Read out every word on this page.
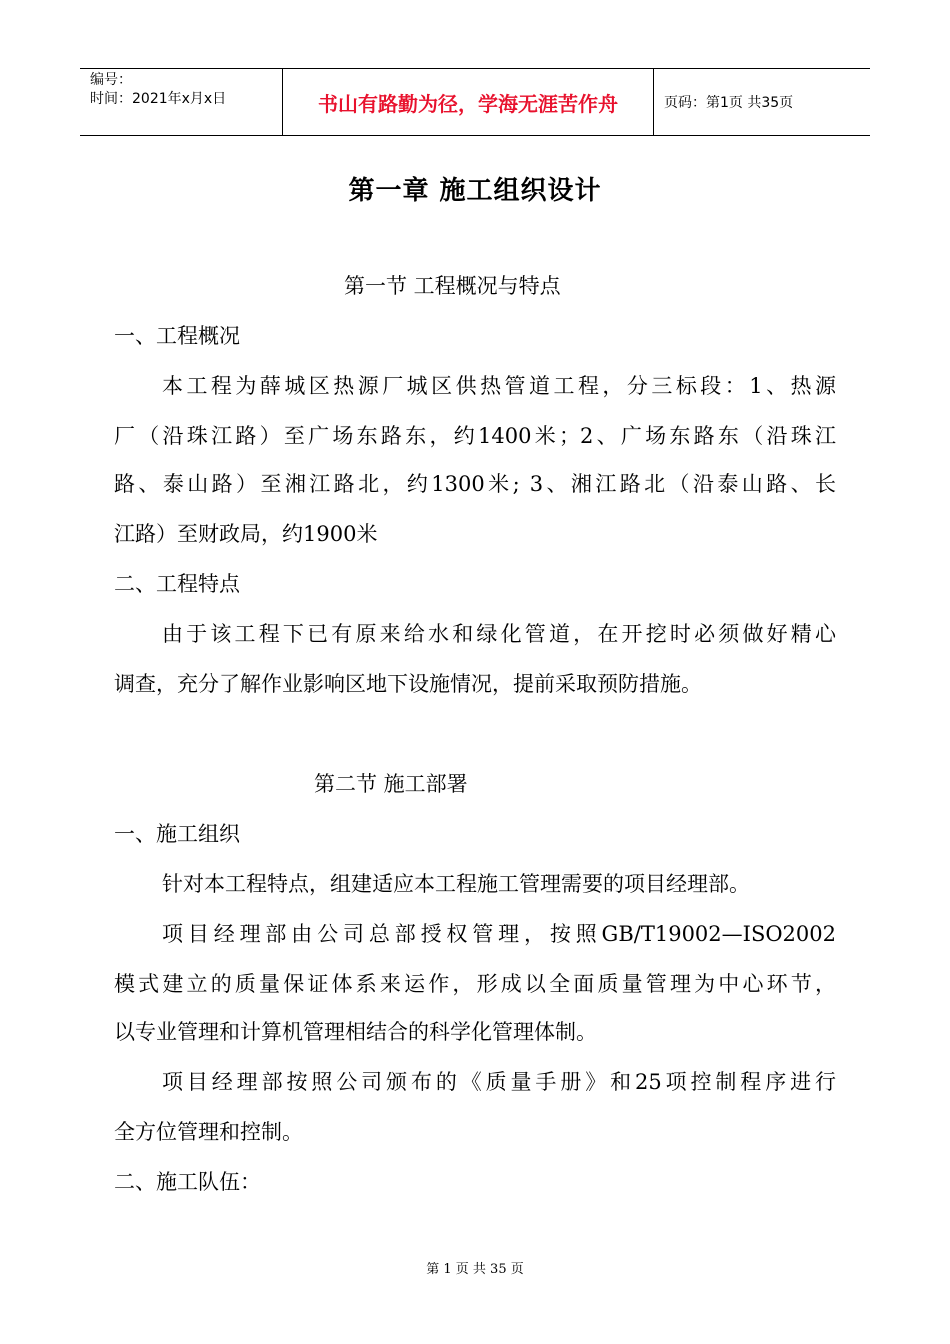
编号：
时间：2021年x月x日	书山有路勤为径，学海无涯苦作舟	页码：第1页 共35页
第一章 施工组织设计
第一节 工程概况与特点
一、工程概况
本工程为薛城区热源厂城区供热管道工程，分三标段：1、热源
厂（沿珠江路）至广场东路东，约1400米；2、广场东路东（沿珠江
路、泰山路）至湘江路北，约1300米; 3、湘江路北（沿泰山路、长
江路）至财政局，约1900米
二、工程特点
由于该工程下已有原来给水和绿化管道，在开挖时必须做好精心
调查，充分了解作业影响区地下设施情况，提前采取预防措施。
第二节 施工部署
一、施工组织
针对本工程特点，组建适应本工程施工管理需要的项目经理部。
项目经理部由公司总部授权管理，按照GB/T19002—ISO2002
模式建立的质量保证体系来运作，形成以全面质量管理为中心环节，
以专业管理和计算机管理相结合的科学化管理体制。
项目经理部按照公司颁布的《质量手册》和25项控制程序进行
全方位管理和控制。
二、施工队伍：
第 1 页 共 35 页
